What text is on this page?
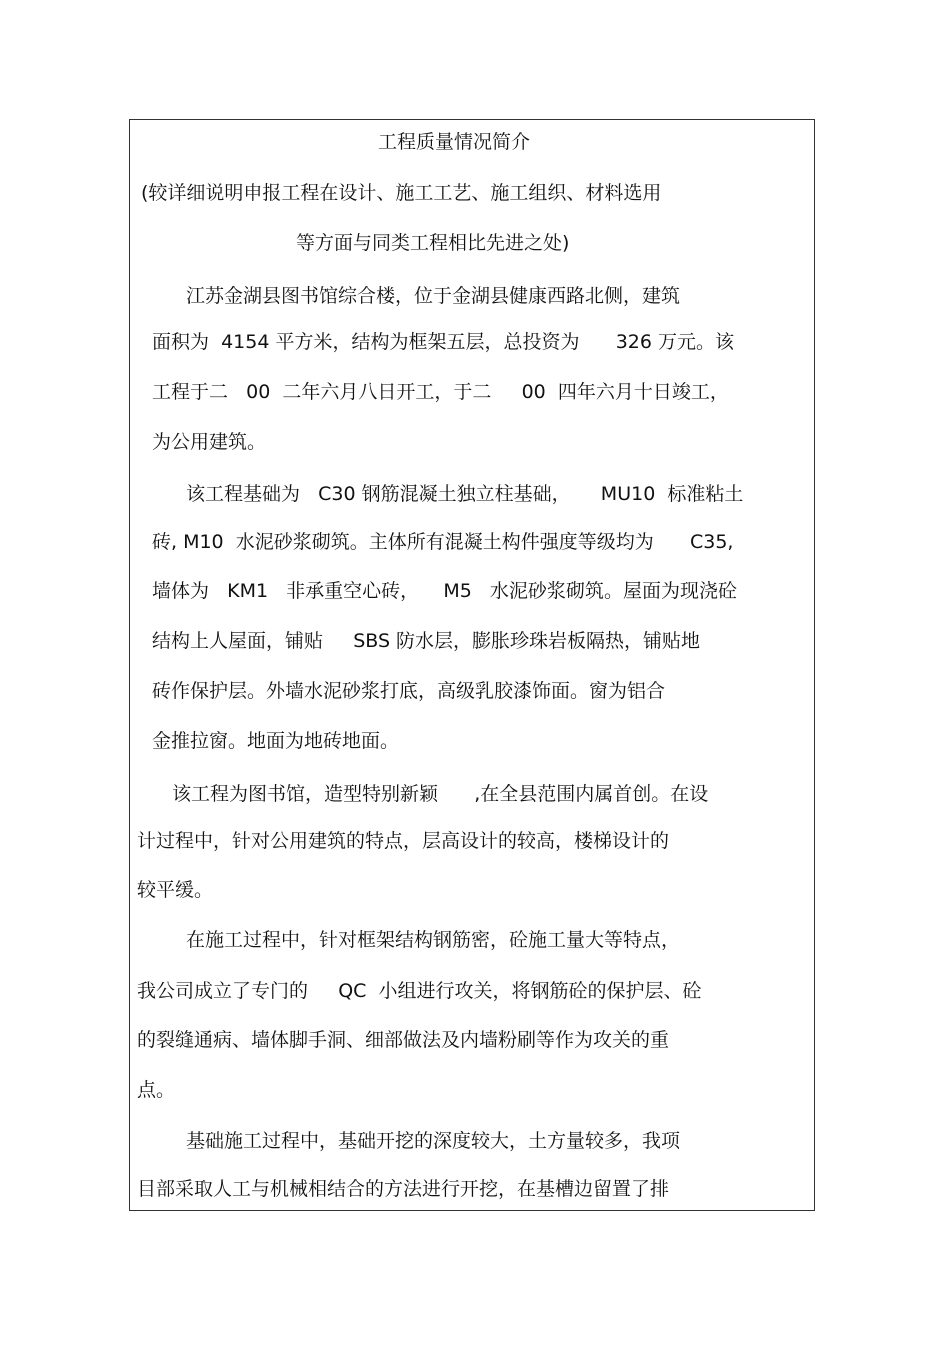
工程质量情况简介

(较详细说明申报工程在设计、施工工艺、施工组织、材料选用

等方面与同类工程相比先进之处)

江苏金湖县图书馆综合楼，位于金湖县健康西路北侧，建筑

面积为  4154 平方米，结构为框架五层，总投资为      326 万元。该

工程于二   00  二年六月八日开工，于二     00  四年六月十日竣工，

为公用建筑。

该工程基础为   C30 钢筋混凝土独立柱基础，     MU10  标准粘土

砖, M10  水泥砂浆砌筑。主体所有混凝土构件强度等级均为      C35,

墙体为   KM1   非承重空心砖，    M5   水泥砂浆砌筑。屋面为现浇砼

结构上人屋面，铺贴     SBS 防水层，膨胀珍珠岩板隔热，铺贴地

砖作保护层。外墙水泥砂浆打底，高级乳胶漆饰面。窗为铝合

金推拉窗。地面为地砖地面。

该工程为图书馆，造型特别新颖      ,在全县范围内属首创。在设

计过程中，针对公用建筑的特点，层高设计的较高，楼梯设计的

较平缓。

在施工过程中，针对框架结构钢筋密，砼施工量大等特点，

我公司成立了专门的     QC  小组进行攻关，将钢筋砼的保护层、砼

的裂缝通病、墙体脚手洞、细部做法及内墙粉刷等作为攻关的重

点。

基础施工过程中，基础开挖的深度较大，土方量较多，我项

目部采取人工与机械相结合的方法进行开挖，在基槽边留置了排
